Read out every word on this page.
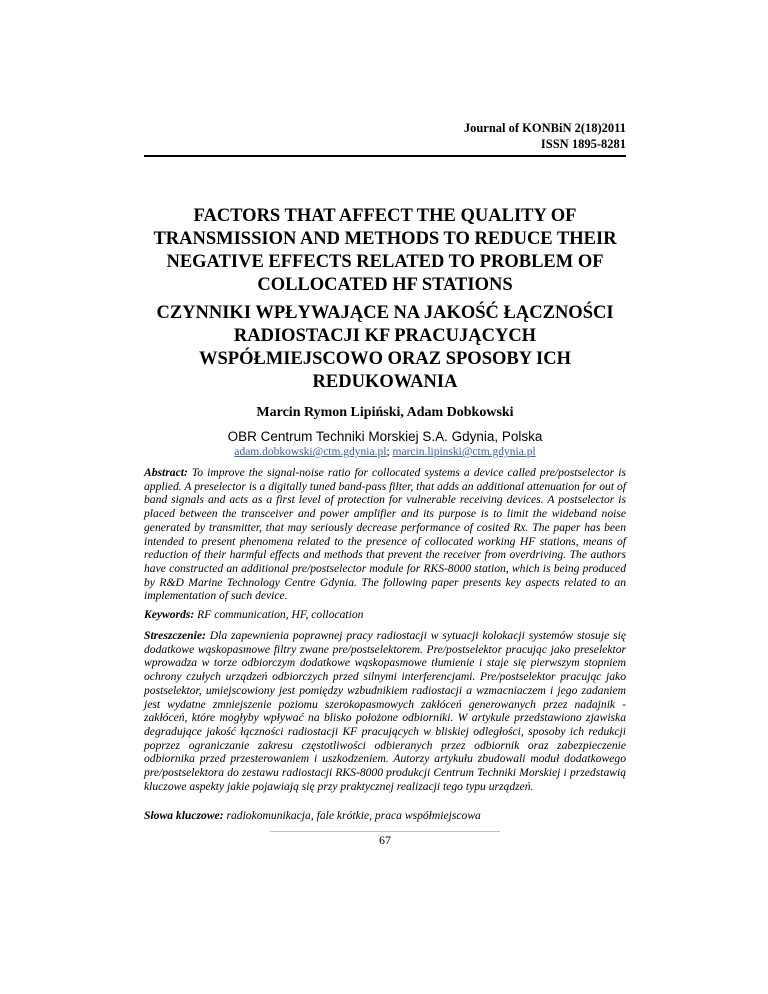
Journal of KONBiN 2(18)2011
ISSN 1895-8281
FACTORS THAT AFFECT THE QUALITY OF TRANSMISSION AND METHODS TO REDUCE THEIR NEGATIVE EFFECTS RELATED TO PROBLEM OF COLLOCATED HF STATIONS
CZYNNIKI WPŁYWAJĄCE NA JAKOŚĆ ŁĄCZNOŚCI RADIOSTACJI KF PRACUJĄCYCH WSPÓŁMIEJSCOWO ORAZ SPOSOBY ICH REDUKOWANIA
Marcin Rymon Lipiński, Adam Dobkowski
OBR Centrum Techniki Morskiej S.A. Gdynia, Polska
adam.dobkowski@ctm.gdynia.pl; marcin.lipinski@ctm.gdynia.pl
Abstract: To improve the signal-noise ratio for collocated systems a device called pre/postselector is applied. A preselector is a digitally tuned band-pass filter, that adds an additional attenuation for out of band signals and acts as a first level of protection for vulnerable receiving devices. A postselector is placed between the transceiver and power amplifier and its purpose is to limit the wideband noise generated by transmitter, that may seriously decrease performance of cosited Rx. The paper has been intended to present phenomena related to the presence of collocated working HF stations, means of reduction of their harmful effects and methods that prevent the receiver from overdriving. The authors have constructed an additional pre/postselector module for RKS-8000 station, which is being produced by R&D Marine Technology Centre Gdynia. The following paper presents key aspects related to an implementation of such device.
Keywords: RF communication, HF, collocation
Streszczenie: Dla zapewnienia poprawnej pracy radiostacji w sytuacji kolokacji systemów stosuje się dodatkowe wąskopasmowe filtry zwane pre/postselektorem. Pre/postselektor pracując jako preselektor wprowadza w torze odbiorczym dodatkowe wąskopasmowe tłumienie i staje się pierwszym stopniem ochrony czułych urządzeń odbiorczych przed silnymi interferencjami. Pre/postselektor pracując jako postselektor, umiejscowiony jest pomiędzy wzbudnikiem radiostacji a wzmacniaczem i jego zadaniem jest wydatne zmniejszenie poziomu szerokopasmowych zakłóceń generowanych przez nadajnik - zakłóceń, które mogłyby wpływać na blisko położone odbiorniki. W artykule przedstawiono zjawiska degradujące jakość łączności radiostacji KF pracujących w bliskiej odległości, sposoby ich redukcji poprzez ograniczanie zakresu częstotliwości odbieranych przez odbiornik oraz zabezpieczenie odbiornika przed przesterowaniem i uszkodzeniem. Autorzy artykułu zbudowali moduł dodatkowego pre/postselektora do zestawu radiostacji RKS-8000 produkcji Centrum Techniki Morskiej i przedstawią kluczowe aspekty jakie pojawiają się przy praktycznej realizacji tego typu urządzeń.
Słowa kluczowe: radiokomunikacja, fale krótkie, praca współmiejscowa
67
